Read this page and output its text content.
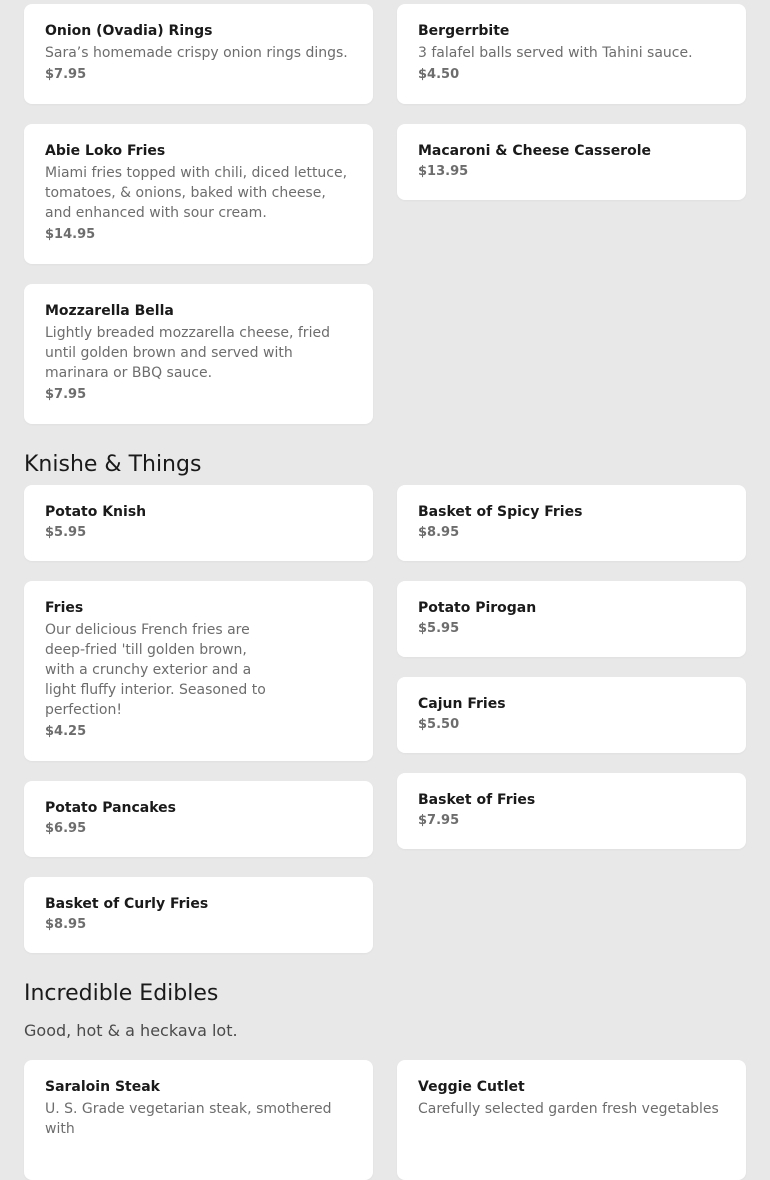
Onion (Ovadia) Rings
Sara’s homemade crispy onion rings dings.
$7.95
Bergerrbite
3 falafel balls served with Tahini sauce.
$4.50
Abie Loko Fries
Miami fries topped with chili, diced lettuce, tomatoes, & onions, baked with cheese, and enhanced with sour cream.
$14.95
Macaroni & Cheese Casserole
$13.95
Mozzarella Bella
Lightly breaded mozzarella cheese, fried until golden brown and served with marinara or BBQ sauce.
$7.95
Knishe & Things
Potato Knish
$5.95
Basket of Spicy Fries
$8.95
Fries
Our delicious French fries are deep-fried 'till golden brown, with a crunchy exterior and a light fluffy interior. Seasoned to perfection!
$4.25
Potato Pirogan
$5.95
Cajun Fries
$5.50
Potato Pancakes
$6.95
Basket of Fries
$7.95
Basket of Curly Fries
$8.95
Incredible Edibles

Good, hot & a heckava lot.

Saraloin Steak
U. S. Grade vegetarian steak, smothered with
Veggie Cutlet
Carefully selected garden fresh vegetables
